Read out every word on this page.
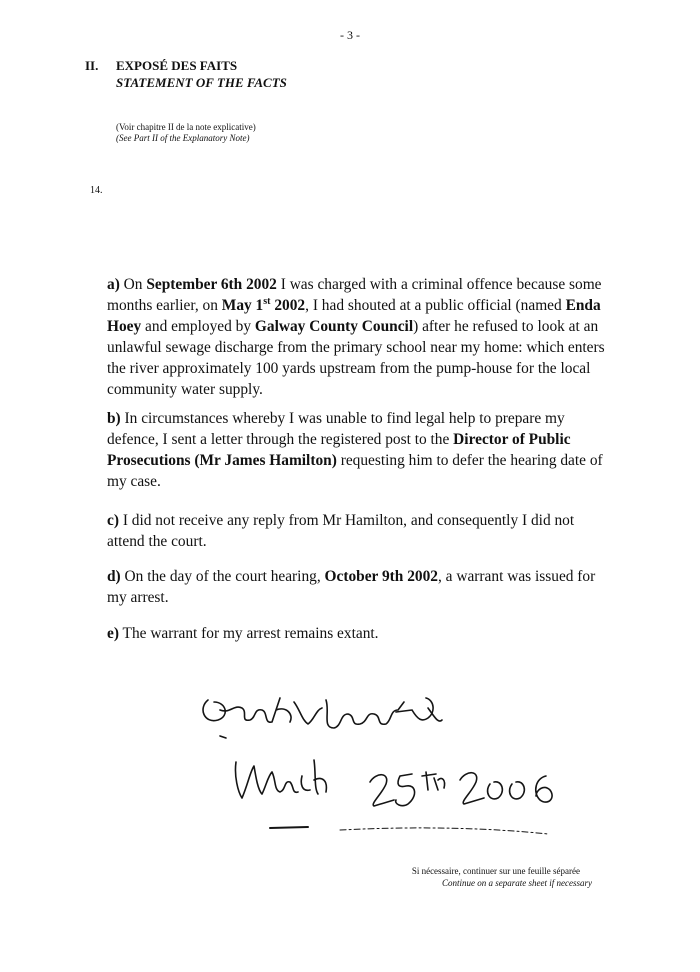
- 3 -
II. EXPOSÉ DES FAITS
STATEMENT OF THE FACTS
(Voir chapitre II de la note explicative)
(See Part II of the Explanatory Note)
14.
a) On September 6th 2002 I was charged with a criminal offence because some months earlier, on May 1st 2002, I had shouted at a public official (named Enda Hoey and employed by Galway County Council) after he refused to look at an unlawful sewage discharge from the primary school near my home: which enters the river approximately 100 yards upstream from the pump-house for the local community water supply.
b) In circumstances whereby I was unable to find legal help to prepare my defence, I sent a letter through the registered post to the Director of Public Prosecutions (Mr James Hamilton) requesting him to defer the hearing date of my case.
c) I did not receive any reply from Mr Hamilton, and consequently I did not attend the court.
d) On the day of the court hearing, October 9th 2002, a warrant was issued for my arrest.
e) The warrant for my arrest remains extant.
Si nécessaire, continuer sur une feuille séparée
Continue on a separate sheet if necessary
